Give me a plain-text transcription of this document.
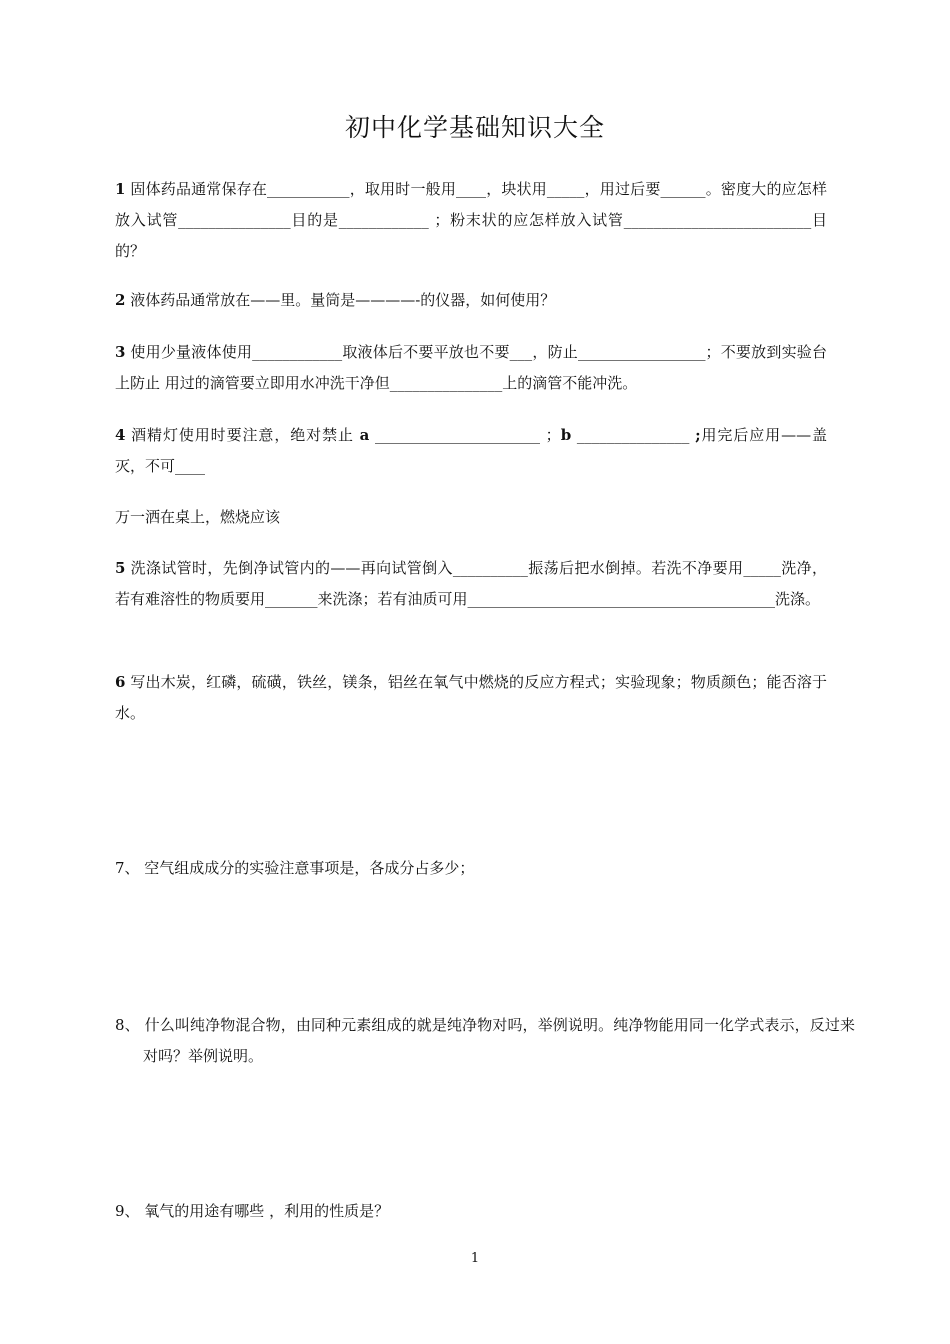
初中化学基础知识大全
1 固体药品通常保存在___________，取用时一般用____，块状用_____，用过后要______。密度大的应怎样放入试管_______________目的是____________ ；粉末状的应怎样放入试管_________________________目的？
2 液体药品通常放在——里。量筒是————-的仪器，如何使用？
3 使用少量液体使用____________取液体后不要平放也不要___，防止_________________；不要放到实验台上防止 用过的滴管要立即用水冲洗干净但_______________上的滴管不能冲洗。
4 酒精灯使用时要注意，绝对禁止 a ______________________ ；b _______________ ;用完后应用——盖灭，不可____
万一洒在桌上，燃烧应该
5 洗涤试管时，先倒净试管内的——再向试管倒入__________振荡后把水倒掉。若洗不净要用_____洗净，若有难溶性的物质要用_______来洗涤；若有油质可用_________________________________________洗涤。
6 写出木炭，红磷，硫磺，铁丝，镁条，铝丝在氧气中燃烧的反应方程式；实验现象；物质颜色；能否溶于水。
7、 空气组成成分的实验注意事项是，各成分占多少；
8、 什么叫纯净物混合物，由同种元素组成的就是纯净物对吗，举例说明。纯净物能用同一化学式表示，反过来对吗？举例说明。
9、 氧气的用途有哪些 ，利用的性质是？
1
